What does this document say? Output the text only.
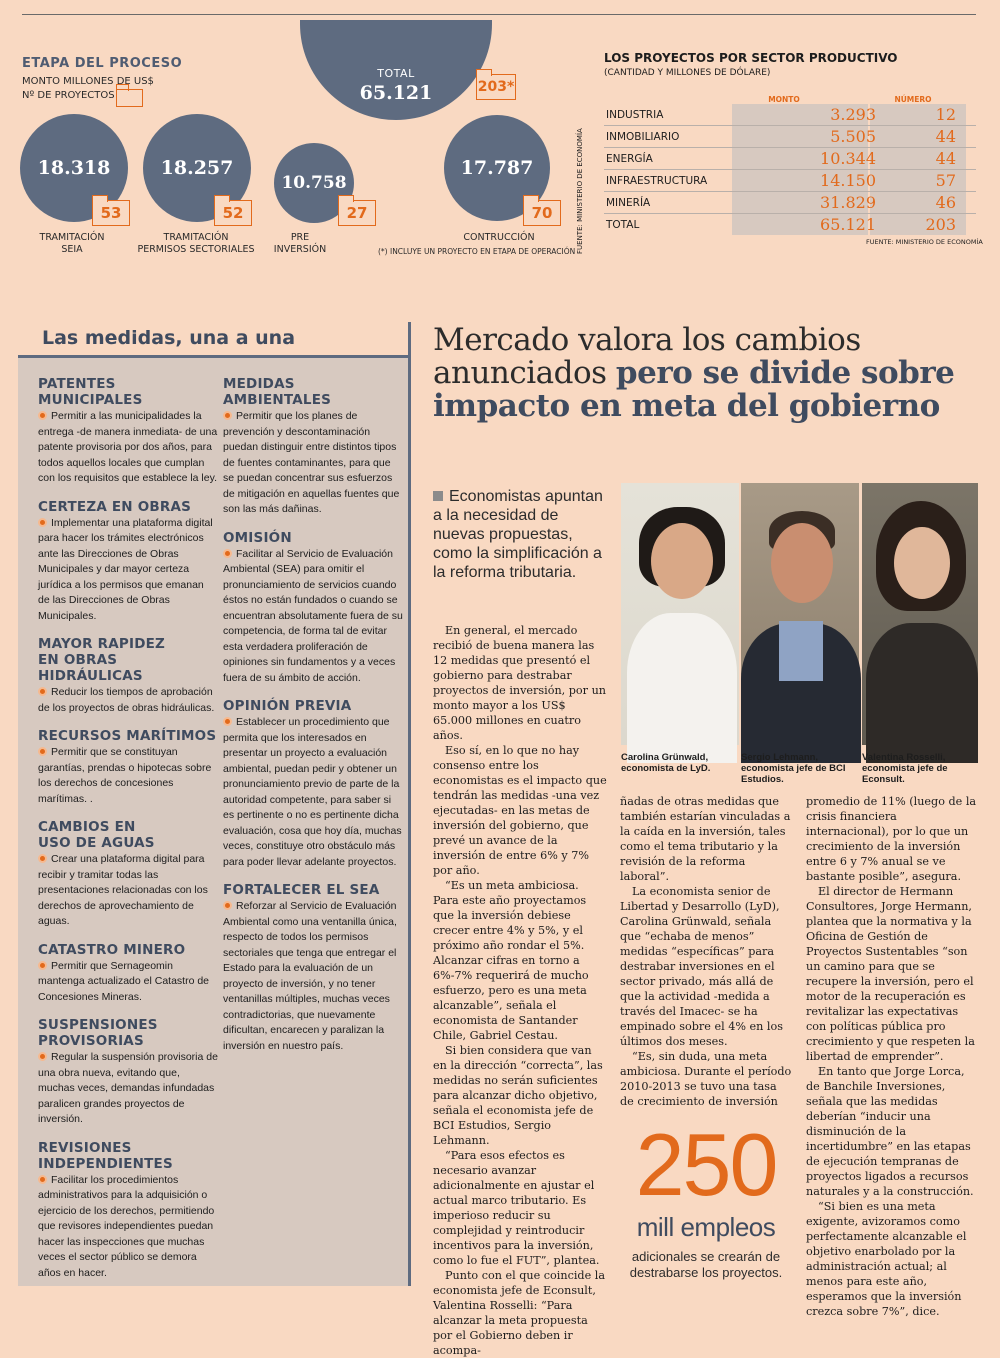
ETAPA DEL PROCESO
MONTO MILLONES DE US$
Nº DE PROYECTOS
TOTAL
65.121	203*
18.318
53
TRAMITACIÓN
SEIA
18.257
52
TRAMITACIÓN
PERMISOS SECTORIALES
10.758
27
PRE
INVERSIÓN
17.787
70
CONTRUCCIÓN
(*) INCLUYE UN PROYECTO EN ETAPA DE OPERACIÓN FUENTE: MINISTERIO DE ECONOMÍA
LOS PROYECTOS POR SECTOR PRODUCTIVO
(CANTIDAD Y MILLONES DE DÓLARE)
MONTO	NÚMERO
INDUSTRIA	3.293	12
INMOBILIARIO	5.505	44
ENERGÍA	10.344	44
INFRAESTRUCTURA	14.150	57
MINERÍA	31.829	46
TOTAL	65.121	203
FUENTE: MINISTERIO DE ECONOMÍA
Las medidas, una a una
PATENTES MUNICIPALES
Permitir a las municipalidades la entrega -de manera inmediata- de una patente provisoria por dos años, para todos aquellos locales que cumplan con los requisitos que establece la ley.
CERTEZA EN OBRAS
Implementar una plataforma digital para hacer los trámites electrónicos ante las Direcciones de Obras Municipales y dar mayor certeza jurídica a los permisos que emanan de las Direcciones de Obras Municipales.
MAYOR RAPIDEZ EN OBRAS HIDRÁULICAS
Reducir los tiempos de aprobación de los proyectos de obras hidráulicas.
RECURSOS MARÍTIMOS
Permitir que se constituyan garantías, prendas o hipotecas sobre los derechos de concesiones marítimas. .
CAMBIOS EN USO DE AGUAS
Crear una plataforma digital para recibir y tramitar todas las presentaciones relacionadas con los derechos de aprovechamiento de aguas.
CATASTRO MINERO
Permitir que Sernageomin mantenga actualizado el Catastro de Concesiones Mineras.
SUSPENSIONES PROVISORIAS
Regular la suspensión provisoria de una obra nueva, evitando que, muchas veces, demandas infundadas paralicen grandes proyectos de inversión.
REVISIONES INDEPENDIENTES
Facilitar los procedimientos administrativos para la adquisición o ejercicio de los derechos, permitiendo que revisores independientes puedan hacer las inspecciones que muchas veces el sector público se demora años en hacer.
MEDIDAS AMBIENTALES
Permitir que los planes de prevención y descontaminación puedan distinguir entre distintos tipos de fuentes contaminantes, para que se puedan concentrar sus esfuerzos de mitigación en aquellas fuentes que son las más dañinas.
OMISIÓN
Facilitar al Servicio de Evaluación Ambiental (SEA) para omitir el pronunciamiento de servicios cuando éstos no están fundados o cuando se encuentran absolutamente fuera de su competencia, de forma tal de evitar esta verdadera proliferación de opiniones sin fundamentos y a veces fuera de su ámbito de acción.
OPINIÓN PREVIA
Establecer un procedimiento que permita que los interesados en presentar un proyecto a evaluación ambiental, puedan pedir y obtener un pronunciamiento previo de parte de la autoridad competente, para saber si es pertinente o no es pertinente dicha evaluación, cosa que hoy día, muchas veces, constituye otro obstáculo más para poder llevar adelante proyectos.
FORTALECER EL SEA
Reforzar al Servicio de Evaluación Ambiental como una ventanilla única, respecto de todos los permisos sectoriales que tenga que entregar el Estado para la evaluación de un proyecto de inversión, y no tener ventanillas múltiples, muchas veces contradictorias, que nuevamente dificultan, encarecen y paralizan la inversión en nuestro país.
Mercado valora los cambios anunciados pero se divide sobre impacto en meta del gobierno
Economistas apuntan a la necesidad de nuevas propuestas, como la simplificación a la reforma tributaria.
Carolina Grünwald, economista de LyD.
Sergio Lehmann, economista jefe de BCI Estudios.
Valentina Rosselli, economista jefe de Econsult.

En general, el mercado recibió de buena manera las 12 medidas que presentó el gobierno para destrabar proyectos de inversión, por un monto mayor a los US$ 65.000 millones en cuatro años.

Eso sí, en lo que no hay consenso entre los economistas es el impacto que tendrán las medidas -una vez ejecutadas- en las metas de inversión del gobierno, que prevé un avance de la inversión de entre 6% y 7% por año.

“Es un meta ambiciosa. Para este año proyectamos que la inversión debiese crecer entre 4% y 5%, y el próximo año rondar el 5%. Alcanzar cifras en torno a 6%-7% requerirá de mucho esfuerzo, pero es una meta alcanzable”, señala el economista de Santander Chile, Gabriel Cestau.

Si bien considera que van en la dirección “correcta”, las medidas no serán suficientes para alcanzar dicho objetivo, señala el economista jefe de BCI Estudios, Sergio Lehmann.

“Para esos efectos es necesario avanzar adicionalmente en ajustar el actual marco tributario. Es imperioso reducir su complejidad y reintroducir incentivos para la inversión, como lo fue el FUT”, plantea.

Punto con el que coincide la economista jefe de Econsult, Valentina Rosselli: “Para alcanzar la meta propuesta por el Gobierno deben ir acompa-

ñadas de otras medidas que también estarían vinculadas a la caída en la inversión, tales como el tema tributario y la revisión de la reforma laboral”.

La economista senior de Libertad y Desarrollo (LyD), Carolina Grünwald, señala que “echaba de menos” medidas “específicas” para destrabar inversiones en el sector privado, más allá de que la actividad -medida a través del Imacec- se ha empinado sobre el 4% en los últimos dos meses.

“Es, sin duda, una meta ambiciosa. Durante el período 2010-2013 se tuvo una tasa de crecimiento de inversión

promedio de 11% (luego de la crisis financiera internacional), por lo que un crecimiento de la inversión entre 6 y 7% anual se ve bastante posible”, asegura.

El director de Hermann Consultores, Jorge Hermann, plantea que la normativa y la Oficina de Gestión de Proyectos Sustentables “son un camino para que se recupere la inversión, pero el motor de la recuperación es revitalizar las expectativas con políticas pública pro crecimiento y que respeten la libertad de emprender”.

En tanto que Jorge Lorca, de Banchile Inversiones, señala que las medidas deberían “inducir una disminución de la incertidumbre” en las etapas de ejecución tempranas de proyectos ligados a recursos naturales y a la construcción.

“Si bien es una meta exigente, avizoramos como perfectamente alcanzable el objetivo enarbolado por la administración actual; al menos para este año, esperamos que la inversión crezca sobre 7%”, dice.

250
mill empleos
adicionales se crearán de destrabarse los proyectos.
